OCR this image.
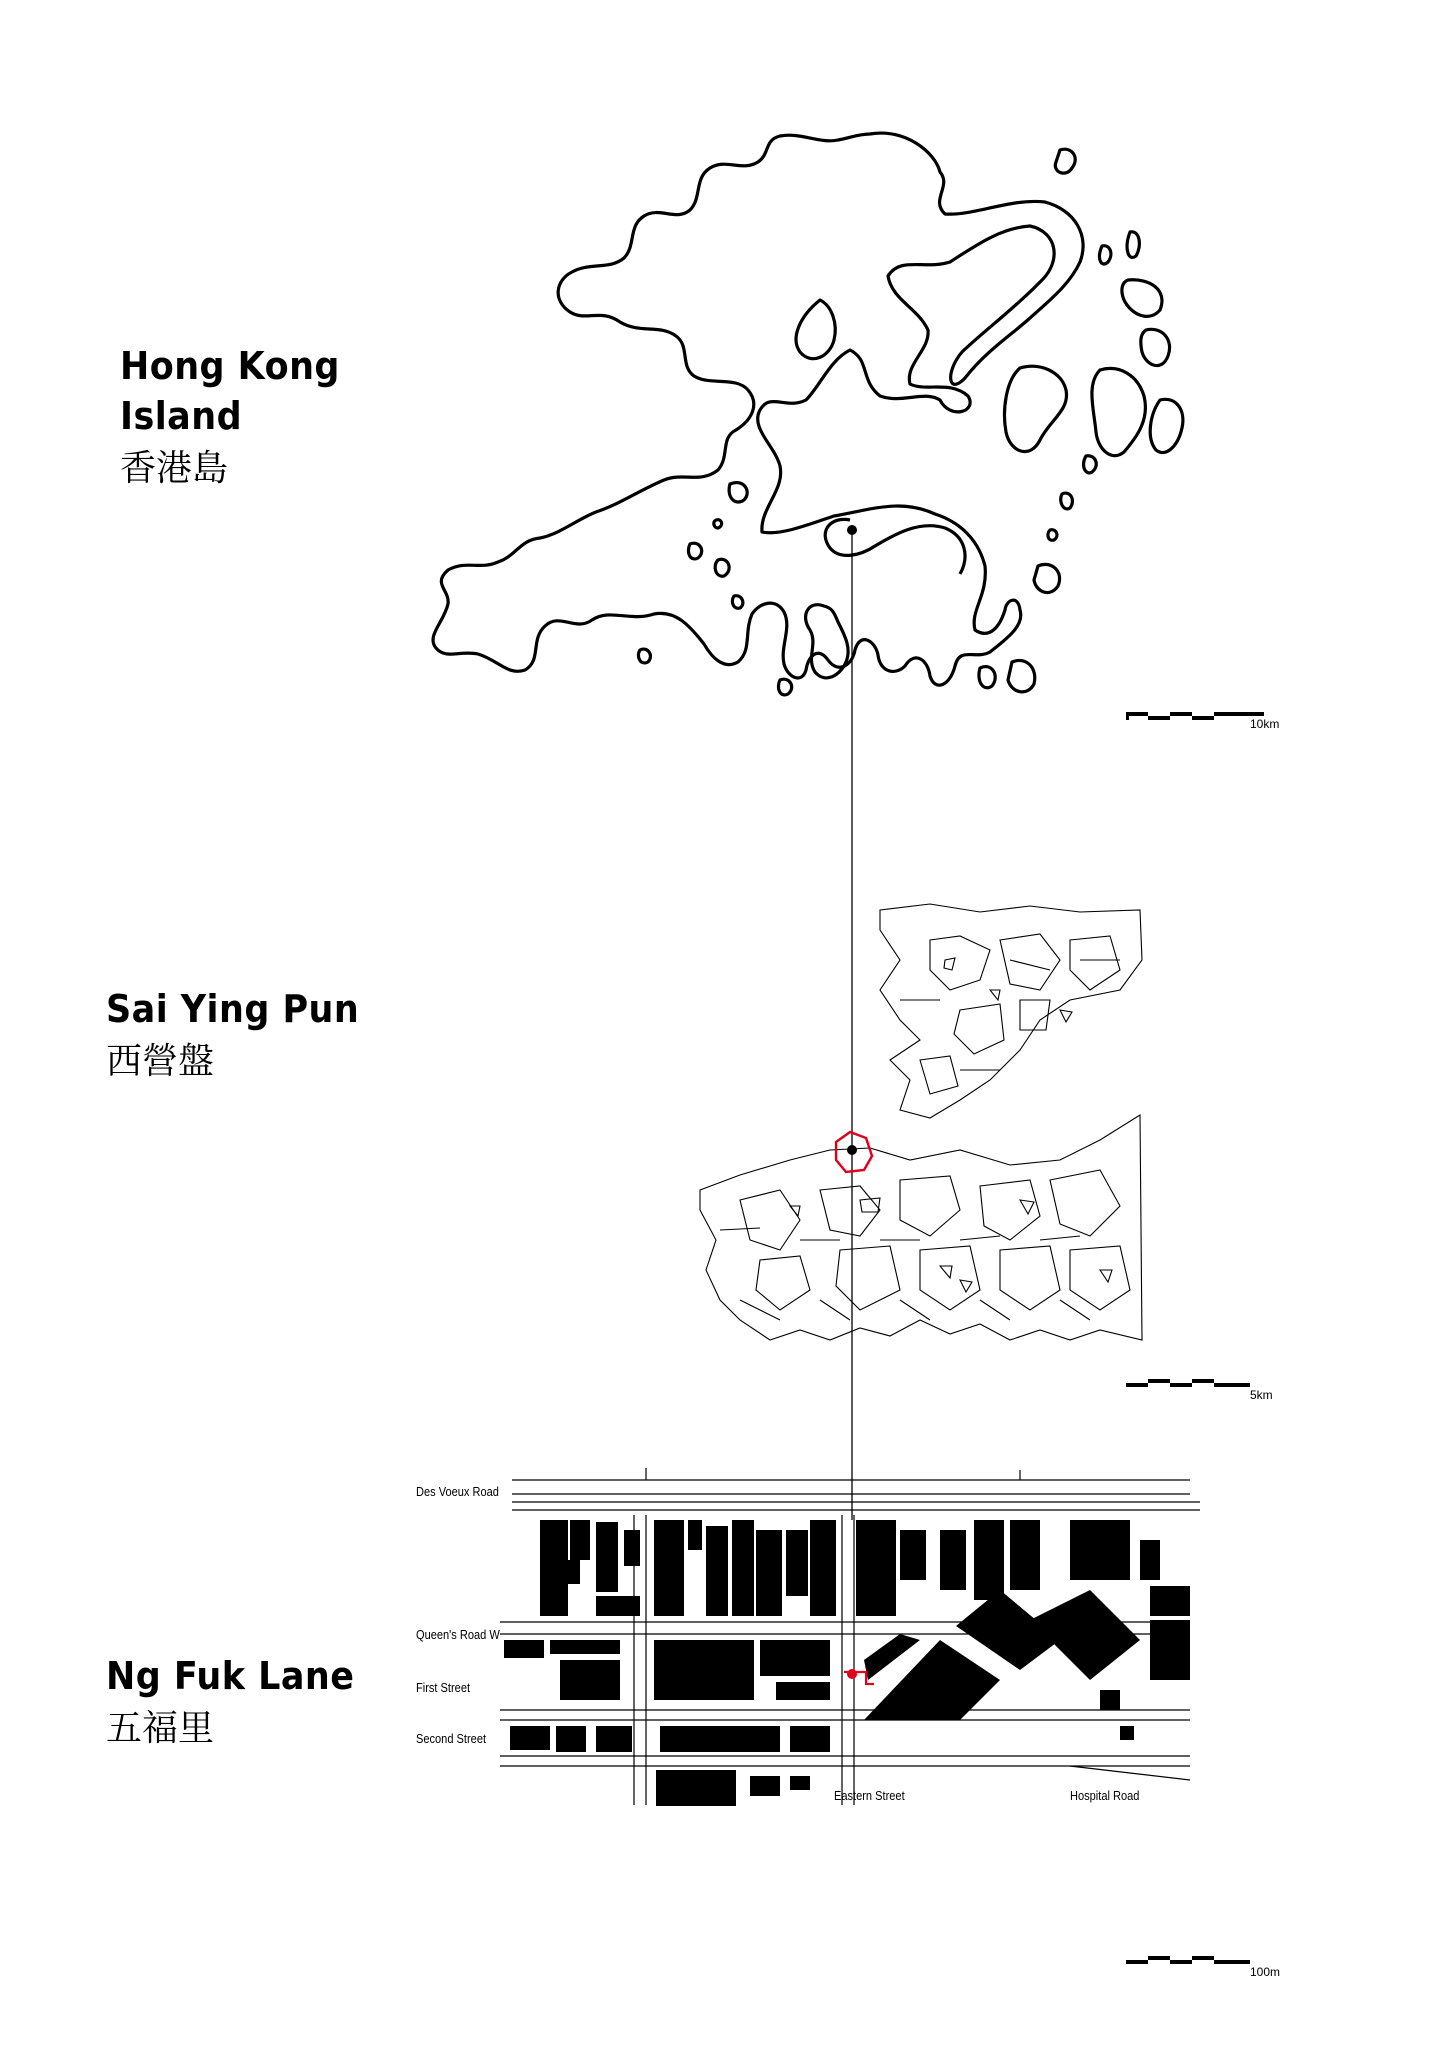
Hong Kong
Island
香港島
Sai Ying Pun
西營盤
Ng Fuk Lane
五福里
10km
5km
100m
Des Voeux Road
Queen's Road W
First Street
Second Street
Eastern Street	Hospital Road
